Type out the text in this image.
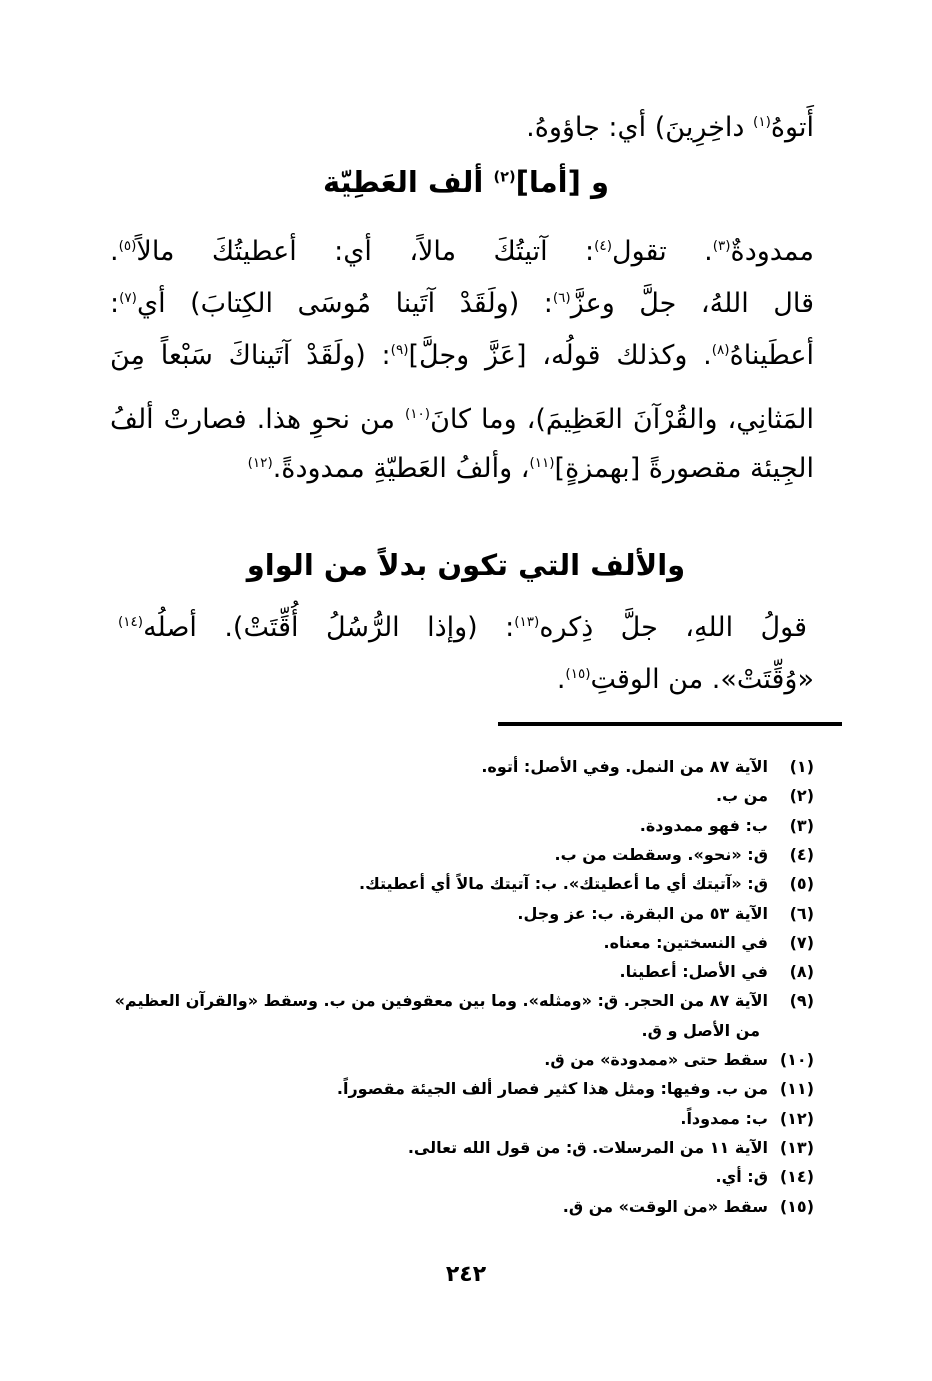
أَتوهُ$^{(١)}$ داخِرِينَ) أي: جاؤوهُ.
و [أما]$^{(٢)}$ ألف العَطِيّة
ممدودةٌ$^{(٣)}$. تقول$^{(٤)}$: آتيتُكَ مالاً، أي: أعطيتُكَ مالاً$^{(٥)}$.
قال اللهُ، جلَّ وعزَّ$^{(٦)}$: (ولَقَدْ آتَينا مُوسَى الكِتابَ) أي$^{(٧)}$:
أعطَيناهُ$^{(٨)}$. وكذلك قولُه، [عَزَّ وجلَّ]$^{(٩)}$: (ولَقَدْ آتَيناكَ سَبْعاً مِنَ
المَثانِي، والقُرْآنَ العَظِيمَ)، وما كانَ$^{(١٠)}$ من نحوِ هذا. فصارتْ ألفُ
الجِيئة مقصورةً [بهمزةٍ]$^{(١١)}$، وألفُ العَطيّةِ ممدودةً.$^{(١٢)}$
والألف التي تكون بدلاً من الواو
قولُ اللهِ، جلَّ ذِكره$^{(١٣)}$: (وإذا الرُّسُلُ أُقِّتَتْ). أصلُه$^{(١٤)}$
«وُقِّتَتْ». من الوقتِ$^{(١٥)}$.
(١)الآية ٨٧ من النمل. وفي الأصل: أتوه.
(٢)من ب.
(٣)ب: فهو ممدودة.
(٤)ق: «نحو». وسقطت من ب.
(٥)ق: «آتيتك أي ما أعطيتك». ب: آتيتك مالاً أي أعطيتك.
(٦)الآية ٥٣ من البقرة. ب: عز وجل.
(٧)في النسختين: معناه.
(٨)في الأصل: أعطينا.
(٩)الآية ٨٧ من الحجر. ق: «ومثله». وما بين معقوفين من ب. وسقط «والقرآن العظيم»
من الأصل و ق.
(١٠)سقط حتى «ممدودة» من ق.
(١١)من ب. وفيها: ومثل هذا كثير فصار ألف الجيئة مقصوراً.
(١٢)ب: ممدوداً.
(١٣)الآية ١١ من المرسلات. ق: من قول الله تعالى.
(١٤)ق: أي.
(١٥)سقط «من الوقت» من ق.
٢٤٢
